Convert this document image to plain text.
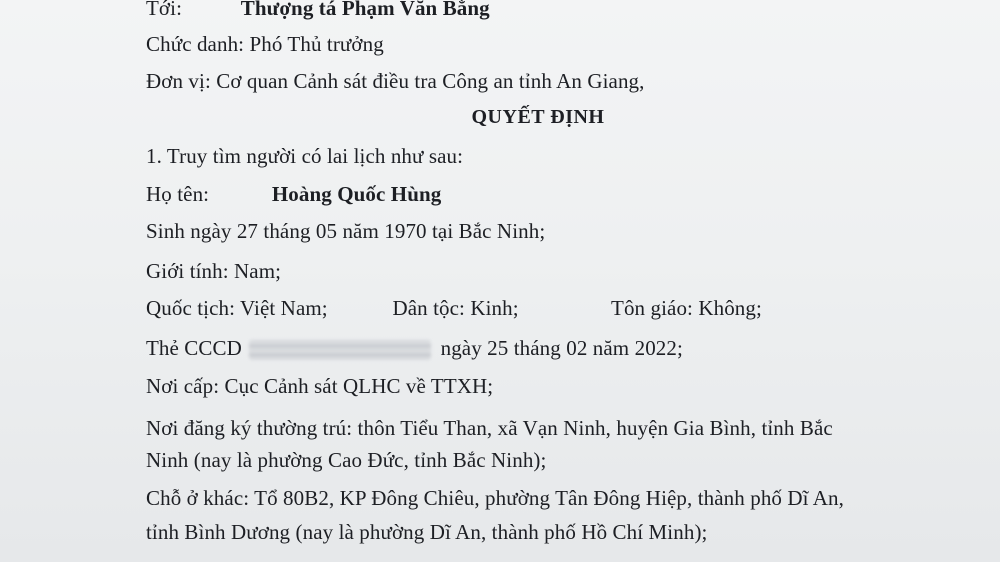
Tới:	Thượng tá Phạm Văn Bằng
Chức danh: Phó Thủ trưởng
Đơn vị: Cơ quan Cảnh sát điều tra Công an tỉnh An Giang,
QUYẾT ĐỊNH
1. Truy tìm người có lai lịch như sau:
Họ tên:	Hoàng Quốc Hùng
Sinh ngày 27 tháng 05 năm 1970 tại Bắc Ninh;
Giới tính: Nam;
Quốc tịch: Việt Nam;	Dân tộc: Kinh;	Tôn giáo: Không;
Thẻ CCCD	ngày 25 tháng 02 năm 2022;
Nơi cấp: Cục Cảnh sát QLHC về TTXH;
Nơi đăng ký thường trú: thôn Tiểu Than, xã Vạn Ninh, huyện Gia Bình, tỉnh Bắc
Ninh (nay là phường Cao Đức, tỉnh Bắc Ninh);
Chỗ ở khác: Tổ 80B2, KP Đông Chiêu, phường Tân Đông Hiệp, thành phố Dĩ An,
tỉnh Bình Dương (nay là phường Dĩ An, thành phố Hồ Chí Minh);
